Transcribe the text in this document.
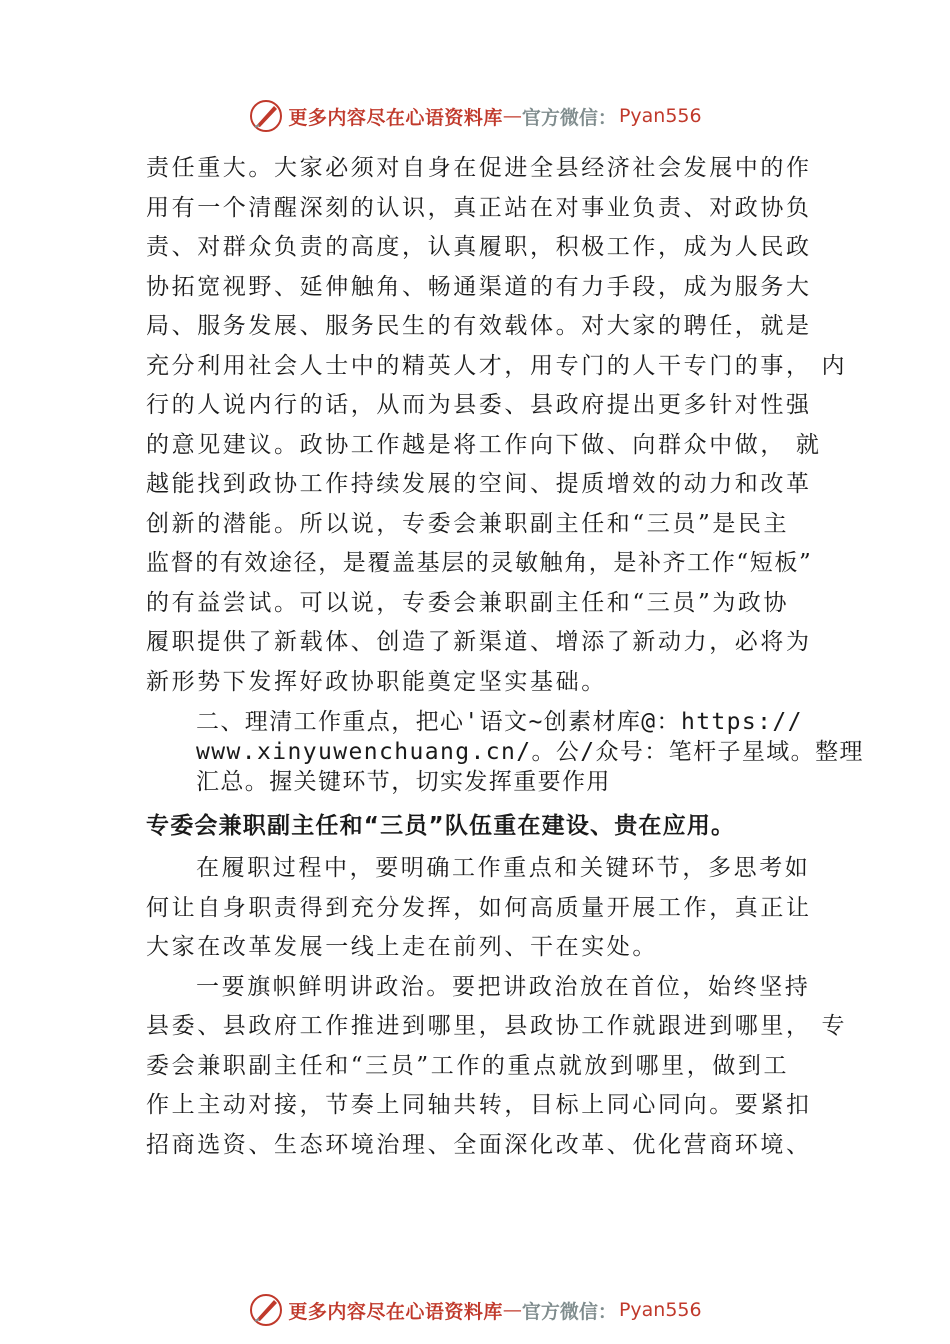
更多内容尽在心语资料库 — 官方微信： Pyan556
责任重大。大家必须对自身在促进全县经济社会发展中的作
用有一个清醒深刻的认识，真正站在对事业负责、对政协负
责、对群众负责的高度，认真履职，积极工作，成为人民政
协拓宽视野、延伸触角、畅通渠道的有力手段，成为服务大
局、服务发展、服务民生的有效载体。对大家的聘任，就是
充分利用社会人士中的精英人才，用专门的人干专门的事， 内
行的人说内行的话，从而为县委、县政府提出更多针对性强
的意见建议。政协工作越是将工作向下做、向群众中做， 就
越能找到政协工作持续发展的空间、提质增效的动力和改革
创新的潜能。所以说，专委会兼职副主任和“三员”是民主
监督的有效途径，是覆盖基层的灵敏触角，是补齐工作“短板”
的有益尝试。可以说，专委会兼职副主任和“三员”为政协
履职提供了新载体、创造了新渠道、增添了新动力，必将为
新形势下发挥好政协职能奠定坚实基础。
二、理清工作重点，把心'语文~创素材库@：https://
www.xinyuwenchuang.cn/。公/众号：笔杆子星域。整理
汇总。握关键环节，切实发挥重要作用
专委会兼职副主任和“三员”队伍重在建设、贵在应用。
在履职过程中，要明确工作重点和关键环节，多思考如
何让自身职责得到充分发挥，如何高质量开展工作，真正让
大家在改革发展一线上走在前列、干在实处。
一要旗帜鲜明讲政治。要把讲政治放在首位，始终坚持
县委、县政府工作推进到哪里，县政协工作就跟进到哪里， 专
委会兼职副主任和“三员”工作的重点就放到哪里，做到工
作上主动对接，节奏上同轴共转，目标上同心同向。要紧扣
招商选资、生态环境治理、全面深化改革、优化营商环境、
更多内容尽在心语资料库 — 官方微信： Pyan556
